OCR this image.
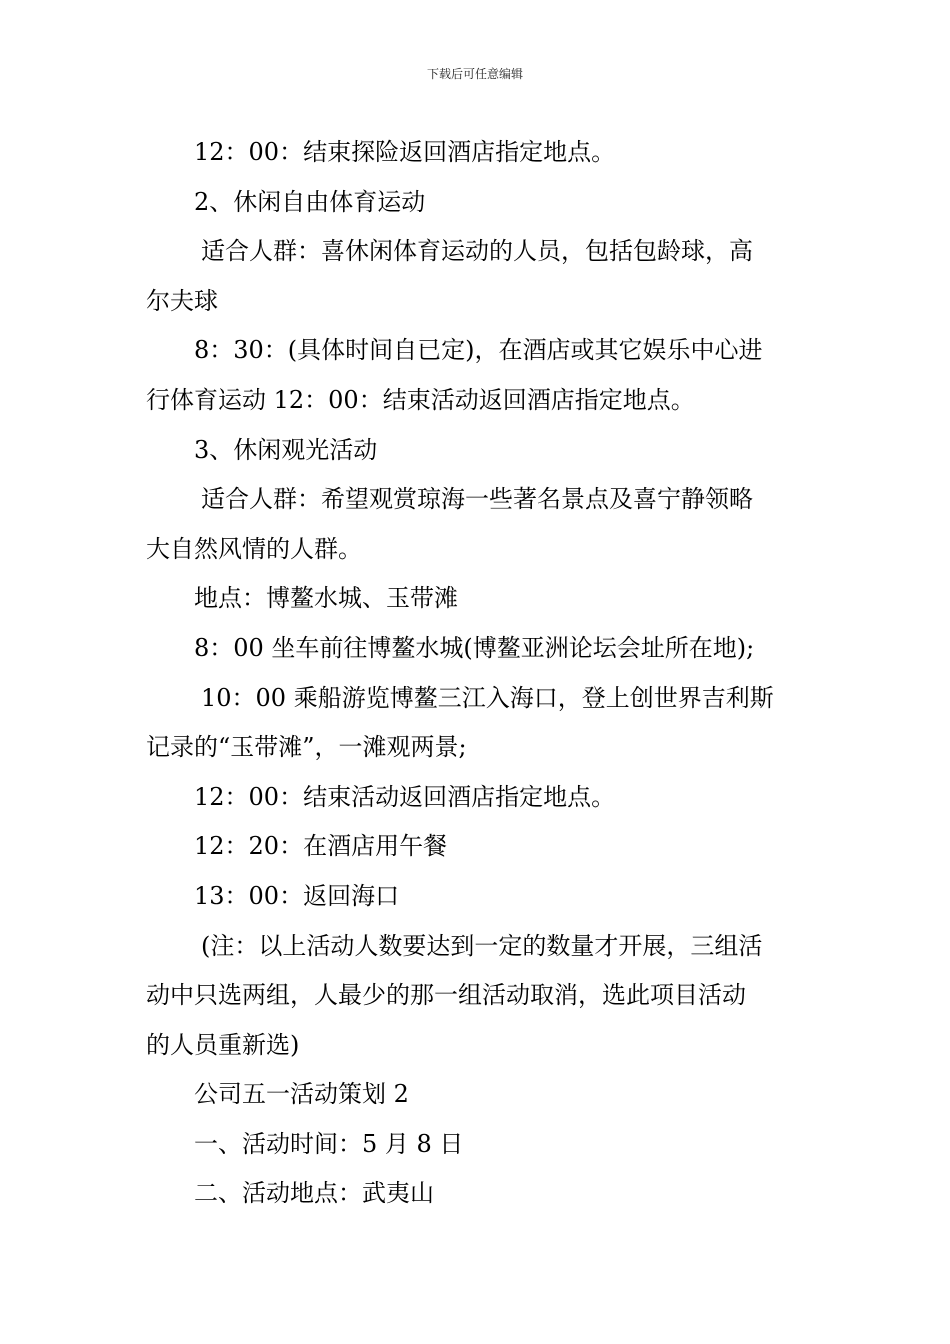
下载后可任意编辑

12：00：结束探险返回酒店指定地点。

2、休闲自由体育运动

适合人群：喜休闲体育运动的人员，包括包龄球，高

尔夫球

8：30：(具体时间自已定)，在酒店或其它娱乐中心进

行体育运动 12：00：结束活动返回酒店指定地点。

3、休闲观光活动

适合人群：希望观赏琼海一些著名景点及喜宁静领略

大自然风情的人群。

地点：博鳌水城、玉带滩

8：00 坐车前往博鳌水城(博鳌亚洲论坛会址所在地);

10：00 乘船游览博鳌三江入海口，登上创世界吉利斯

记录的“玉带滩”，一滩观两景;

12：00：结束活动返回酒店指定地点。

12：20：在酒店用午餐

13：00：返回海口

(注：以上活动人数要达到一定的数量才开展，三组活

动中只选两组，人最少的那一组活动取消，选此项目活动

的人员重新选)

公司五一活动策划 2

一、活动时间：5 月 8 日

二、活动地点：武夷山
